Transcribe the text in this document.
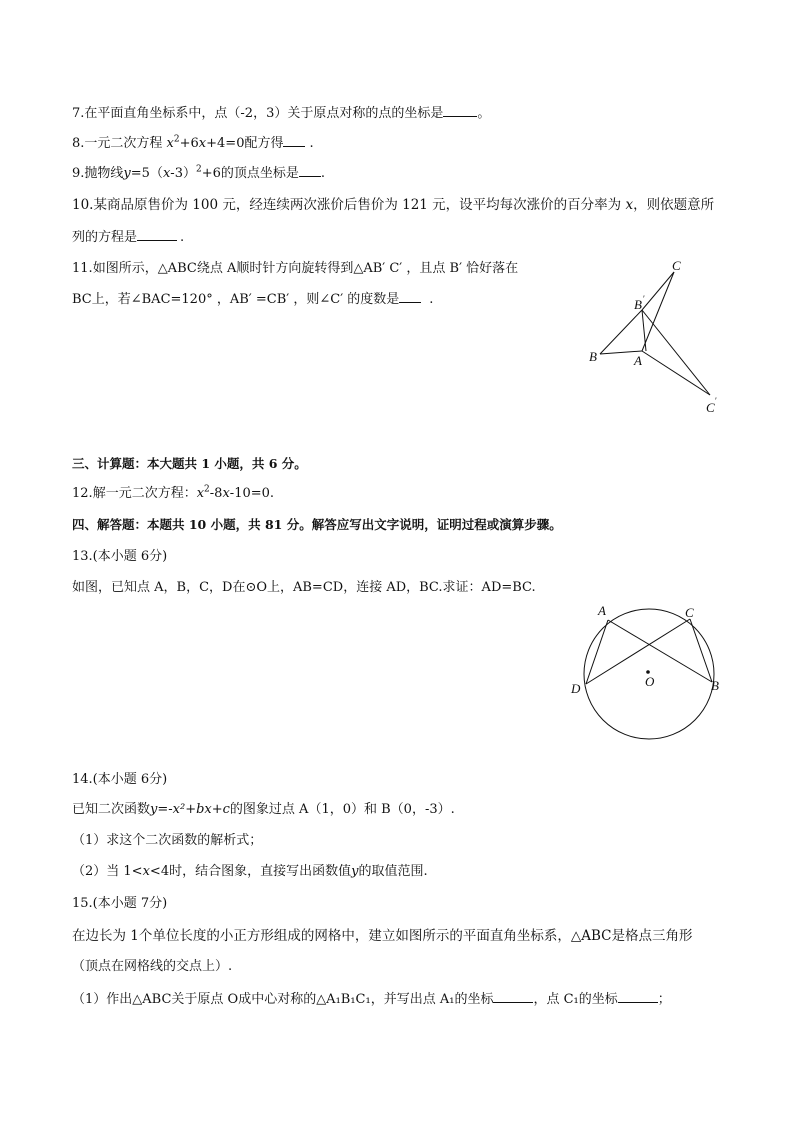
7.在平面直角坐标系中，点（-2，3）关于原点对称的点的坐标是	。
8.一元二次方程 $x^2+6x+4=0$配方得 .
9.抛物线$y=5(x-3)^2+6$的顶点坐标是 .
10.某商品原售价为 100 元，经连续两次涨价后售价为 121 元，设平均每次涨价的百分率为 x，则依题意所
列的方程是	.
11.如图所示，△ABC绕点 A顺时针方向旋转得到△AB′ C′ ，且点 B′ 恰好落在
BC上，若∠BAC=120° ，AB′ =CB′ ，则∠C′ 的度数是 .
C
B ′
B	A
C ′
三、计算题：本大题共 1 小题，共 6 分。
12.解一元二次方程：$x^2-8x-10=0$.
四、解答题：本题共 10 小题，共 81 分。解答应写出文字说明，证明过程或演算步骤。
13.(本小题 6分)
如图，已知点 A，B，C，D在⊙O上，AB=CD，连接 AD，BC.求证：AD=BC.
A	C
D	O	B
14.(本小题 6分)
已知二次函数y=-x²+bx+c的图象过点 A（1，0）和 B（0，-3）.
（1）求这个二次函数的解析式；
（2）当 1<x<4时，结合图象，直接写出函数值y的取值范围.
15.(本小题 7分)
在边长为 1个单位长度的小正方形组成的网格中，建立如图所示的平面直角坐标系，△ABC是格点三角形
（顶点在网格线的交点上）.
（1）作出△ABC关于原点 O成中心对称的△A₁B₁C₁，并写出点 A₁的坐标	，点 C₁的坐标	；
